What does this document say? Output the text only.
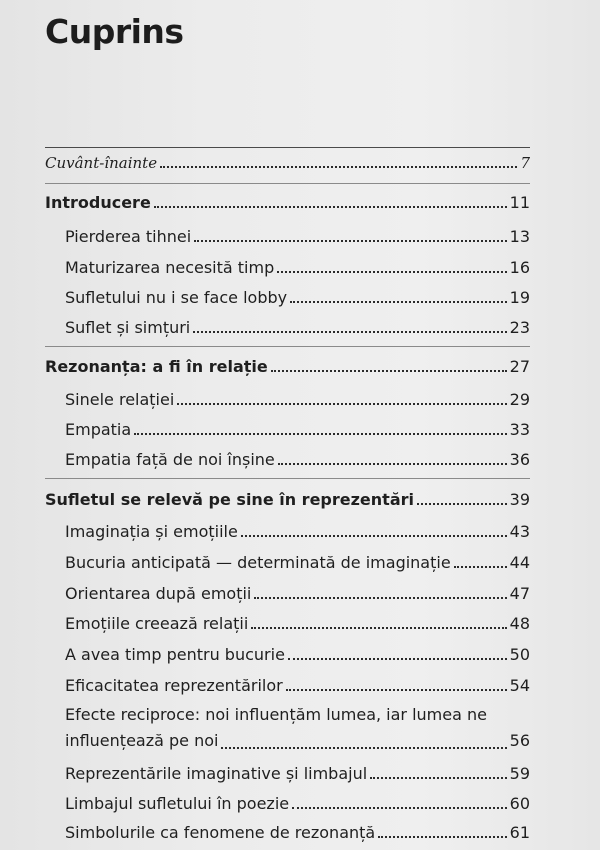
Cuprins
Cuvânt-înainte	7
Introducere	11
Pierderea tihnei	13
Maturizarea necesită timp	16
Sufletului nu i se face lobby	19
Suflet și simțuri	23
Rezonanța: a fi în relație	27
Sinele relației	29
Empatia	33
Empatia față de noi înșine	36
Sufletul se relevă pe sine în reprezentări	39
Imaginația și emoțiile	43
Bucuria anticipată — determinată de imaginație	44
Orientarea după emoții	47
Emoțiile creează relații	48
A avea timp pentru bucurie	50
Eficacitatea reprezentărilor	54
Efecte reciproce: noi influențăm lumea, iar lumea ne
influențează pe noi	56
Reprezentările imaginative și limbajul	59
Limbajul sufletului în poezie	60
Simbolurile ca fenomene de rezonanță	61
